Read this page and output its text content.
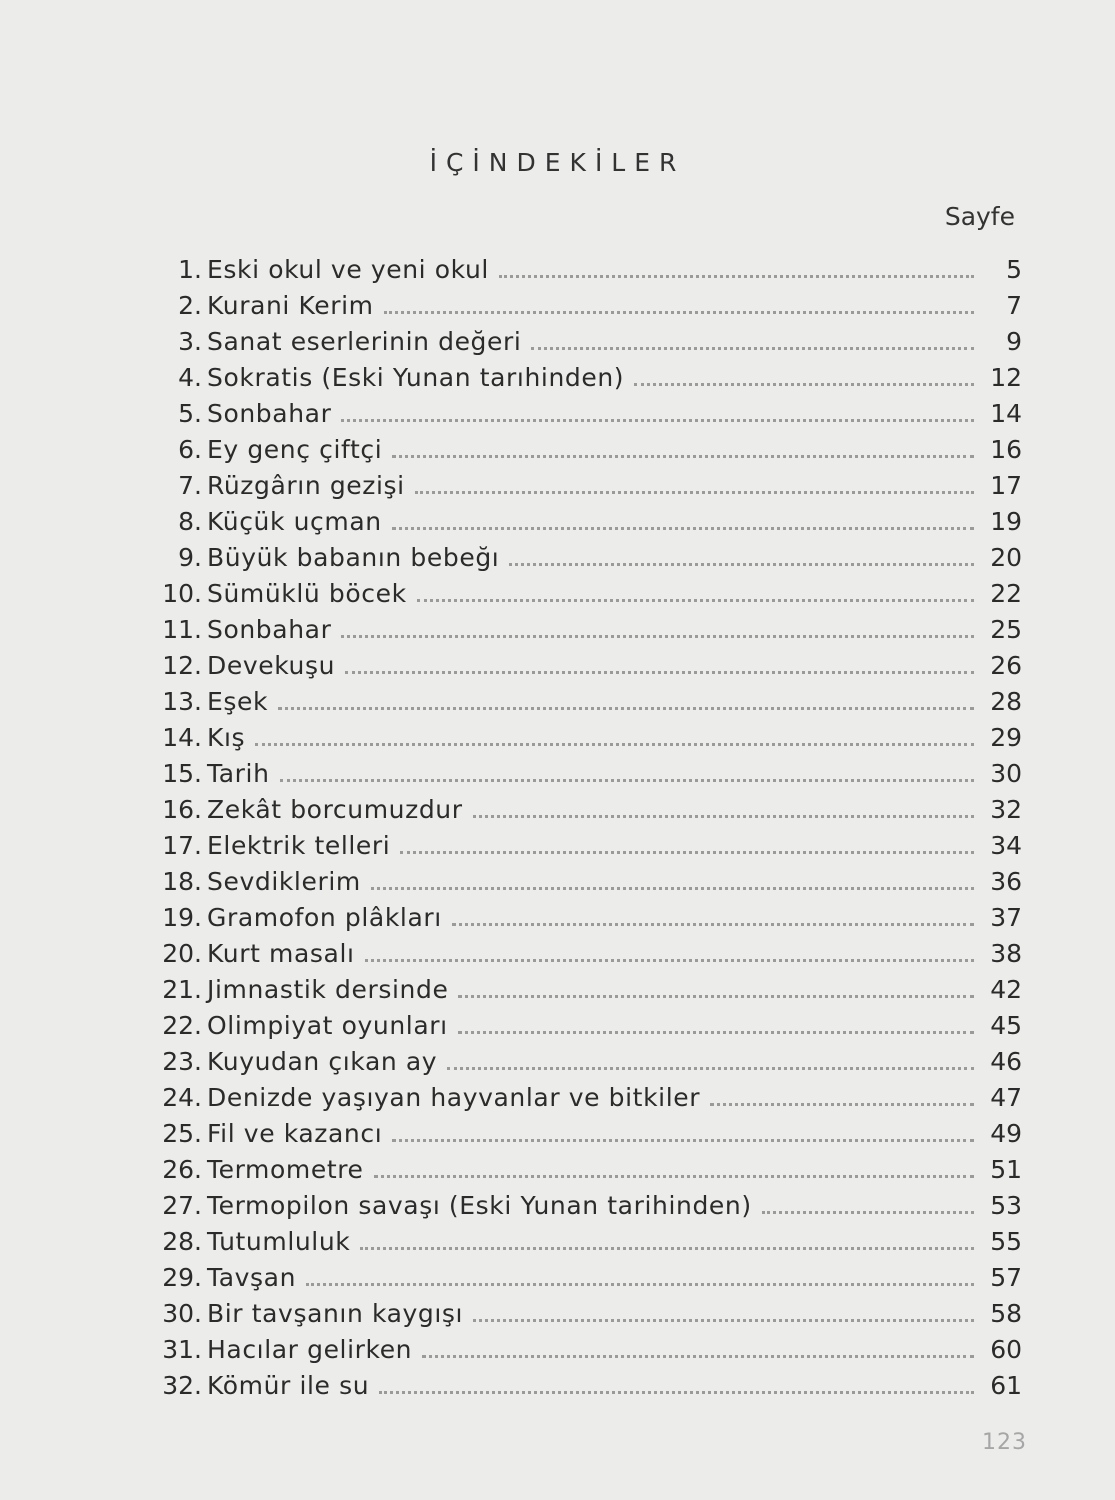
İÇİNDEKİLER
Sayfe
1. Eski okul ve yeni okul	5
2. Kurani Kerim	7
3. Sanat eserlerinin değeri	9
4. Sokratis (Eski Yunan tarıhinden)	12
5. Sonbahar	14
6. Ey genç çiftçi	16
7. Rüzgârın gezişi	17
8. Küçük uçman	19
9. Büyük babanın bebeğı	20
10. Sümüklü böcek	22
11. Sonbahar	25
12. Devekuşu	26
13. Eşek	28
14. Kış	29
15. Tarih	30
16. Zekât borcumuzdur	32
17. Elektrik telleri	34
18. Sevdiklerim	36
19. Gramofon plâkları	37
20. Kurt masalı	38
21. Jimnastik dersinde	42
22. Olimpiyat oyunları	45
23. Kuyudan çıkan ay	46
24. Denizde yaşıyan hayvanlar ve bitkiler	47
25. Fil ve kazancı	49
26. Termometre	51
27. Termopilon savaşı (Eski Yunan tarihinden)	53
28. Tutumluluk	55
29. Tavşan	57
30. Bir tavşanın kaygışı	58
31. Hacılar gelirken	60
32. Kömür ile su	61
123
